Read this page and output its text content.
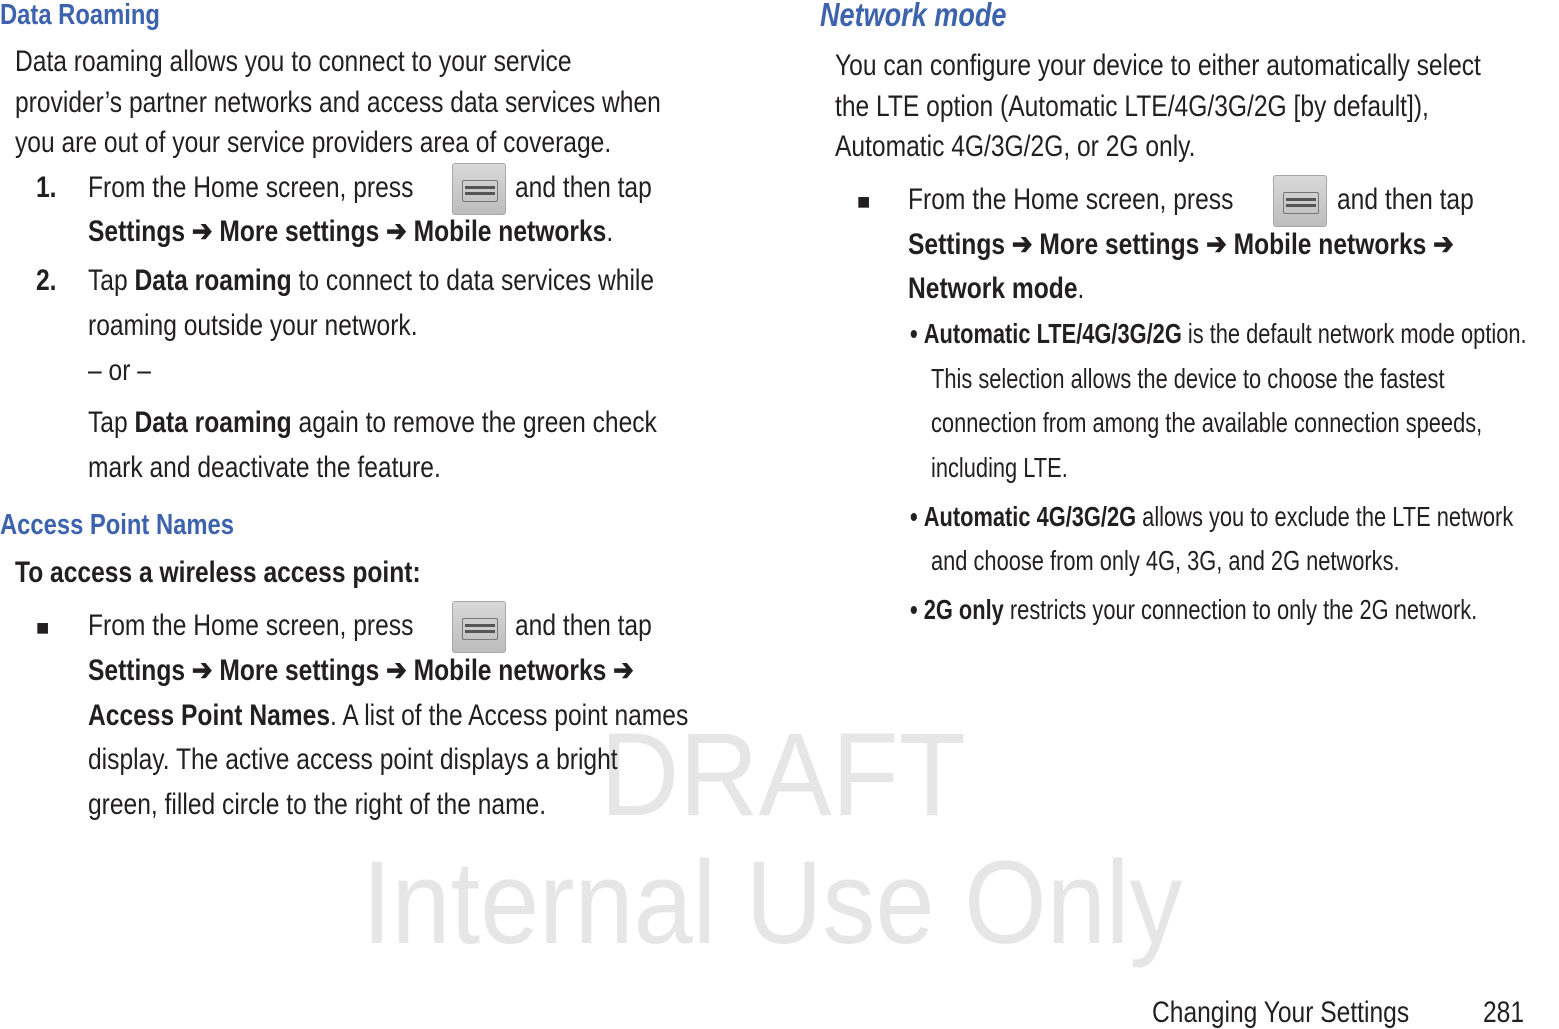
DRAFT
Internal Use Only
Data Roaming
Data roaming allows you to connect to your service
provider’s partner networks and access data services when
you are out of your service providers area of coverage.
1. From the Home screen, press	and then tap
Settings ➔ More settings ➔ Mobile networks.
2. Tap Data roaming to connect to data services while
roaming outside your network.
– or –
Tap Data roaming again to remove the green check
mark and deactivate the feature.
Access Point Names
To access a wireless access point:
■ From the Home screen, press	and then tap
Settings ➔ More settings ➔ Mobile networks ➔
Access Point Names. A list of the Access point names
display. The active access point displays a bright
green, filled circle to the right of the name.
Network mode
You can configure your device to either automatically select
the LTE option (Automatic LTE/4G/3G/2G [by default]),
Automatic 4G/3G/2G, or 2G only.
■ From the Home screen, press	and then tap
Settings ➔ More settings ➔ Mobile networks ➔
Network mode.
• Automatic LTE/4G/3G/2G is the default network mode option.
This selection allows the device to choose the fastest
connection from among the available connection speeds,
including LTE.
• Automatic 4G/3G/2G allows you to exclude the LTE network
and choose from only 4G, 3G, and 2G networks.
• 2G only restricts your connection to only the 2G network.
Changing Your Settings	281
